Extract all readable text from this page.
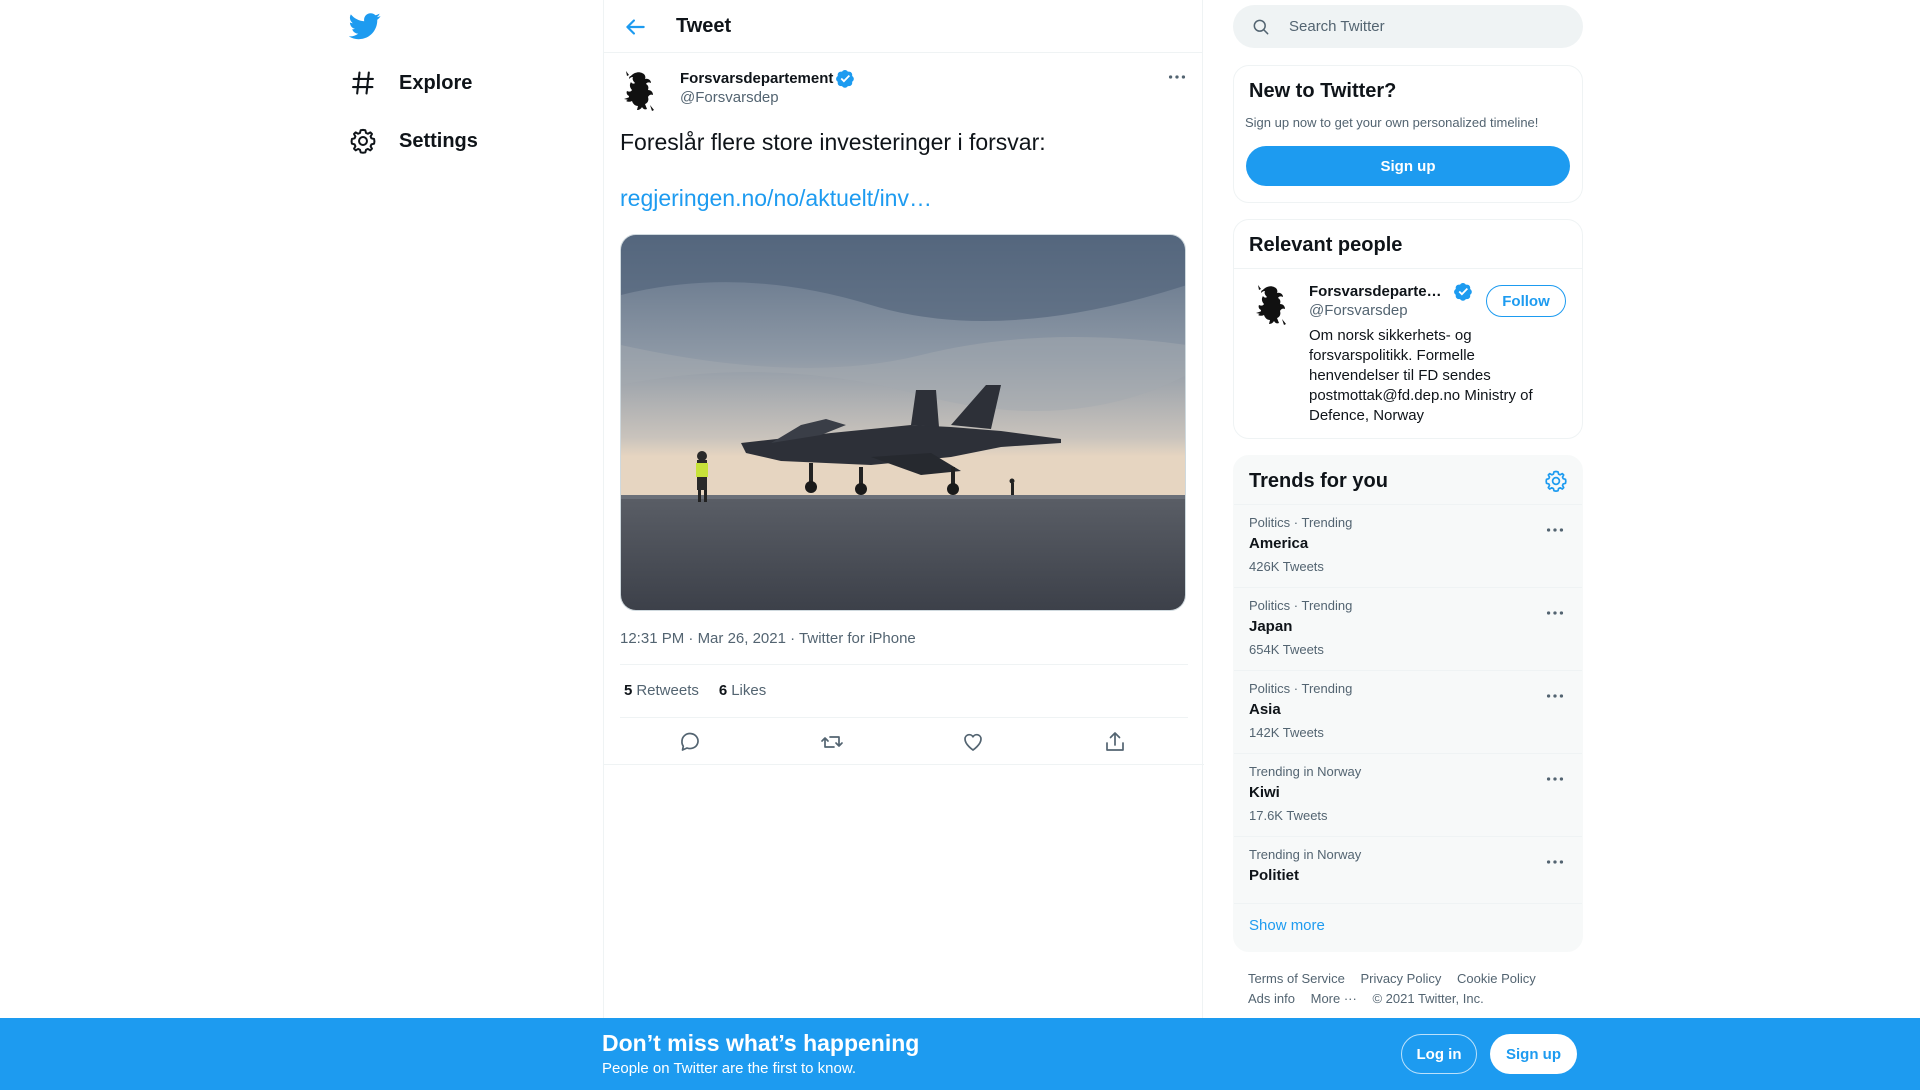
Explore
Settings
Tweet
Forsvarsdepartement
@Forsvarsdep
Foreslår flere store investeringer i forsvar:
regjeringen.no/no/aktuelt/inv…
12:31 PM · Mar 26, 2021 · Twitter for iPhone
5 Retweets 6 Likes
Search Twitter
New to Twitter?
Sign up now to get your own personalized timeline!
Sign up
Relevant people
Forsvarsdeparte…
@Forsvarsdep
Follow
Om norsk sikkerhets- og forsvarspolitikk. Formelle henvendelser til FD sendes postmottak@fd.dep.no Ministry of Defence, Norway
Trends for you
Politics · Trending
America
426K Tweets
Politics · Trending
Japan
654K Tweets
Politics · Trending
Asia
142K Tweets
Trending in Norway
Kiwi
17.6K Tweets
Trending in Norway
Politiet
Show more
Terms of Service Privacy Policy Cookie Policy
Ads info More ··· © 2021 Twitter, Inc.
Don’t miss what’s happening
People on Twitter are the first to know.
Log in	Sign up
